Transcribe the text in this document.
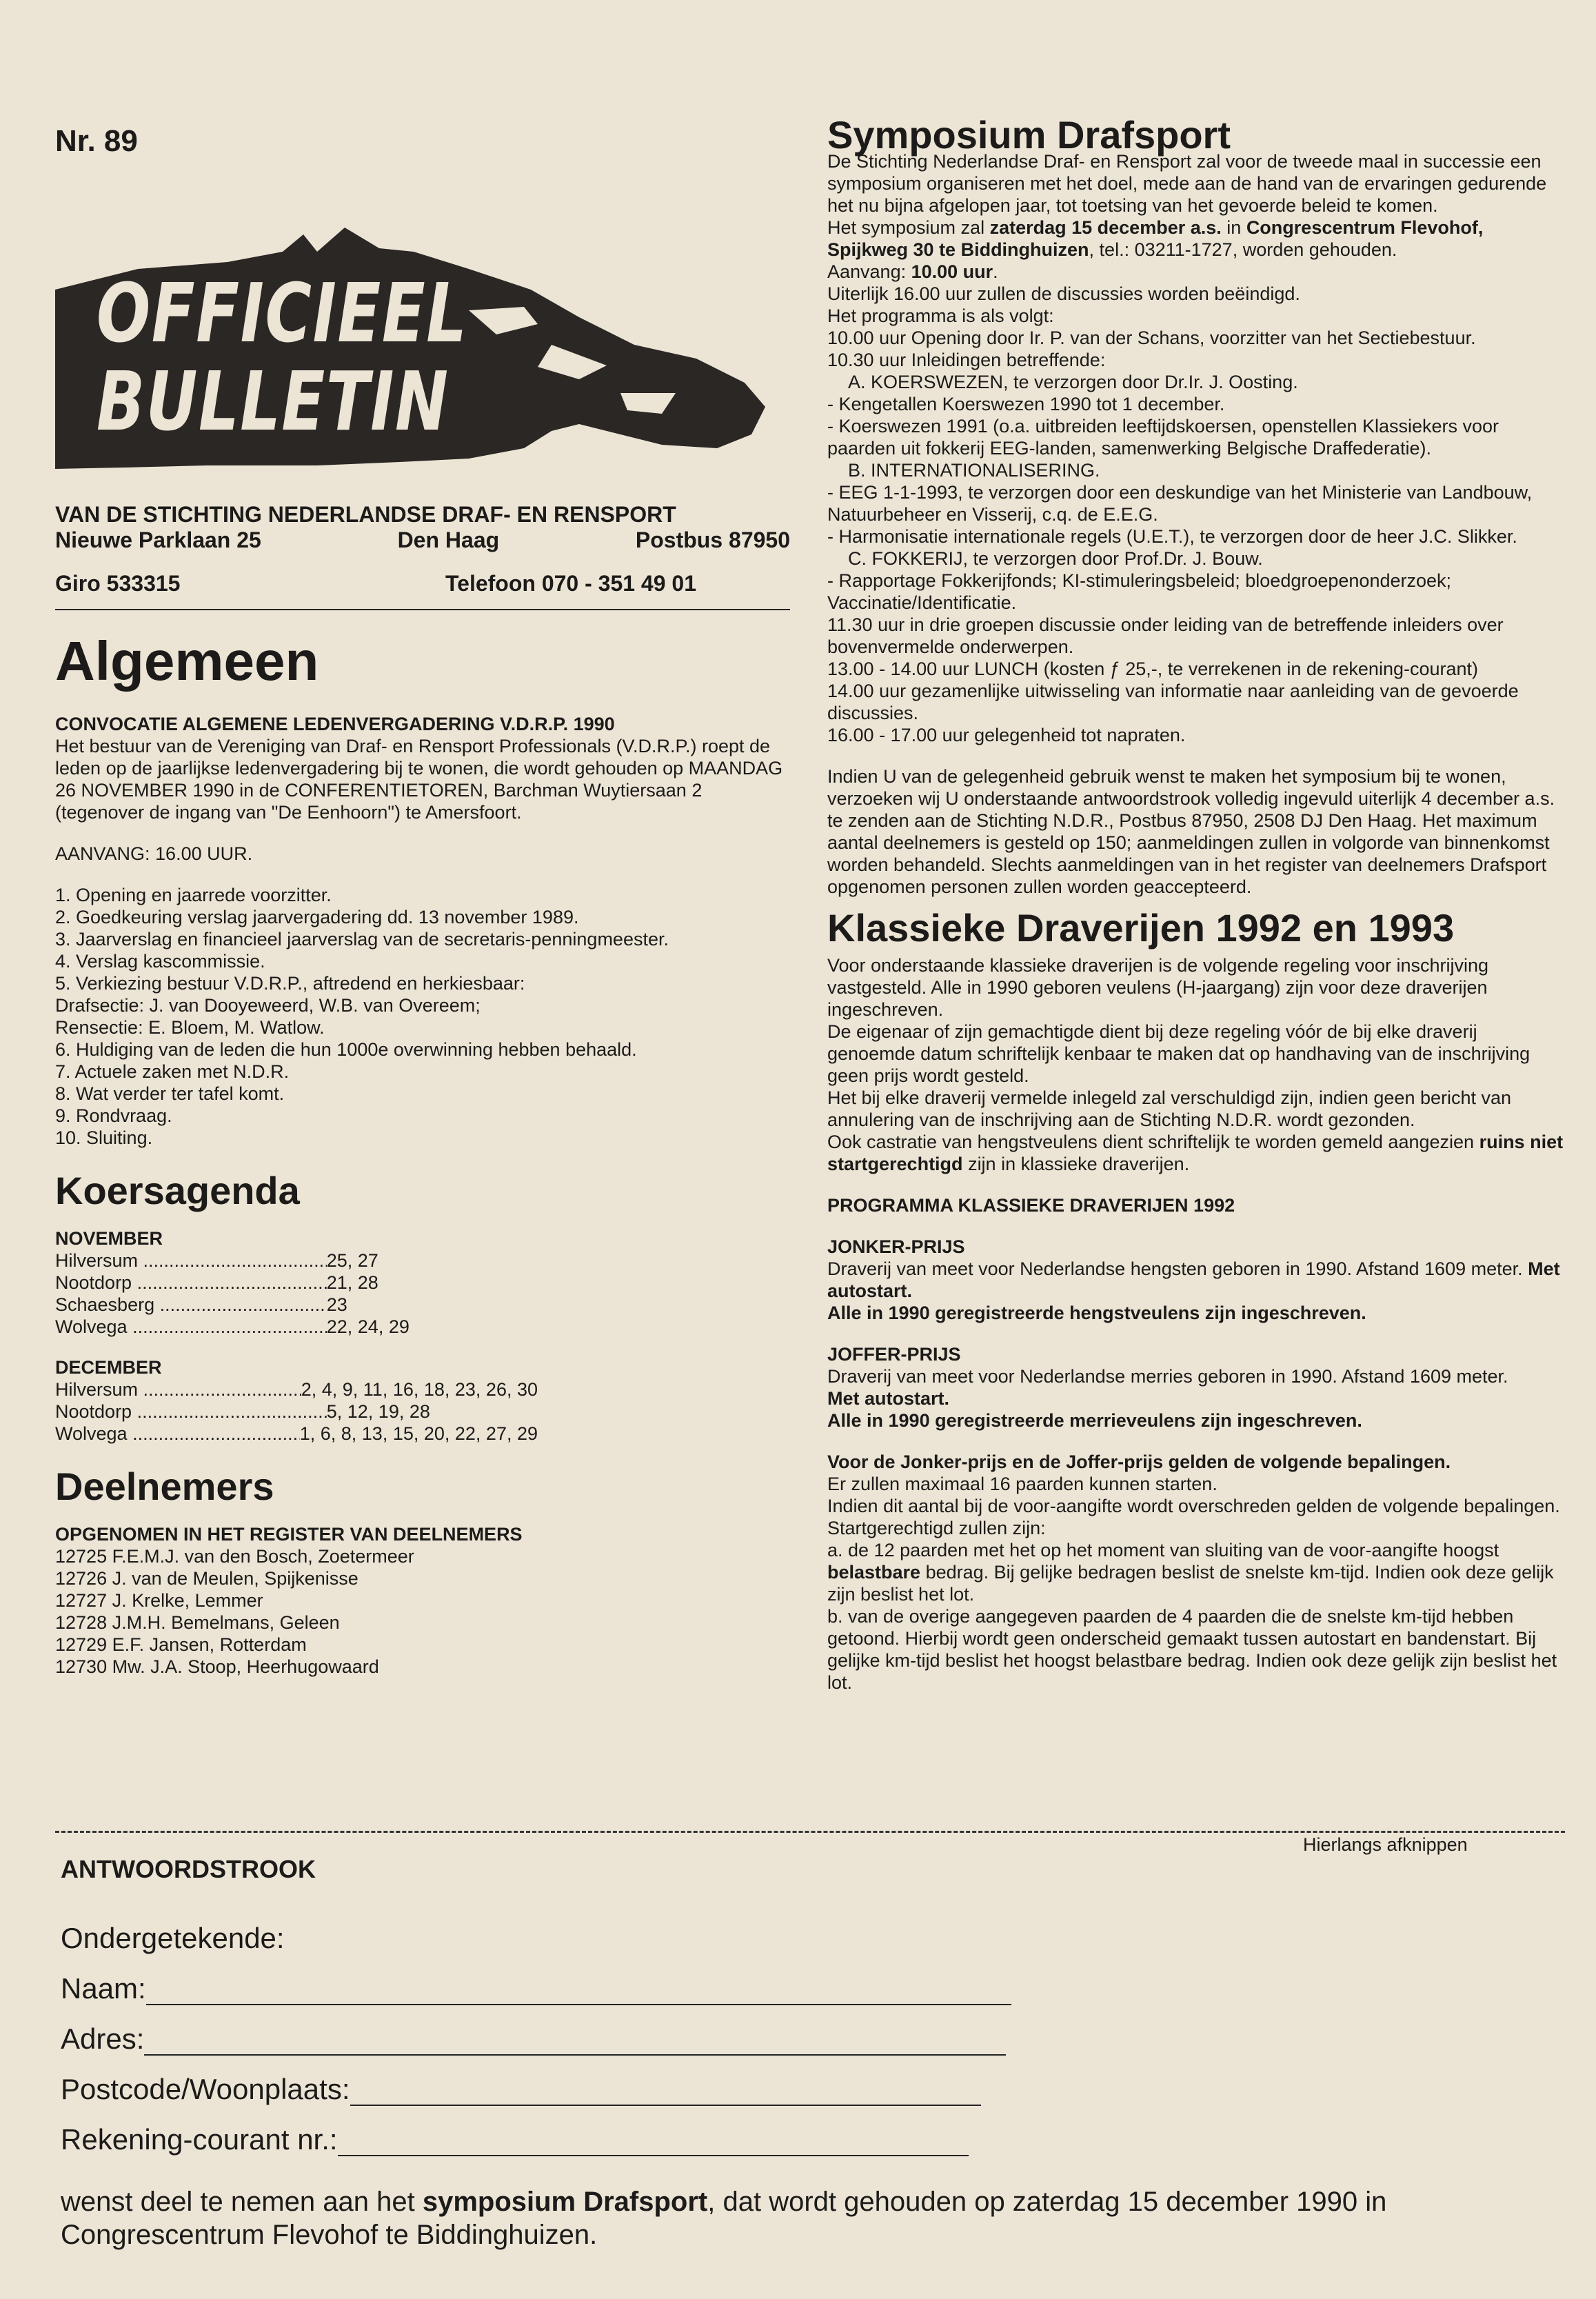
Nr. 89
OFFICIEEL
BULLETIN
VAN DE STICHTING NEDERLANDSE DRAF- EN RENSPORT
Nieuwe Parklaan 25	Den Haag	Postbus 87950
Giro 533315	Telefoon 070 - 351 49 01
Algemeen
CONVOCATIE ALGEMENE LEDENVERGADERING V.D.R.P. 1990

Het bestuur van de Vereniging van Draf- en Rensport Professionals (V.D.R.P.) roept de leden op de jaarlijkse ledenvergadering bij te wonen, die wordt gehouden op MAANDAG 26 NOVEMBER 1990 in de CONFERENTIETOREN, Barchman Wuytiersaan 2 (tegenover de ingang van "De Eenhoorn") te Amersfoort.

AANVANG: 16.00 UUR.

1. Opening en jaarrede voorzitter.
2. Goedkeuring verslag jaarvergadering dd. 13 november 1989.
3. Jaarverslag en financieel jaarverslag van de secretaris-penningmeester.
4. Verslag kascommissie.
5. Verkiezing bestuur V.D.R.P., aftredend en herkiesbaar:
Drafsectie: J. van Dooyeweerd, W.B. van Overeem;
Rensectie: E. Bloem, M. Watlow.
6. Huldiging van de leden die hun 1000e overwinning hebben behaald.
7. Actuele zaken met N.D.R.
8. Wat verder ter tafel komt.
9. Rondvraag.
10. Sluiting.
Koersagenda
NOVEMBER
Hilversum .....	25, 27
Nootdorp .....	21, 28
Schaesberg .....	23
Wolvega .....	22, 24, 29
DECEMBER
Hilversum .....	2, 4, 9, 11, 16, 18, 23, 26, 30
Nootdorp .....	5, 12, 19, 28
Wolvega .....	1, 6, 8, 13, 15, 20, 22, 27, 29
Deelnemers
OPGENOMEN IN HET REGISTER VAN DEELNEMERS
12725 F.E.M.J. van den Bosch, Zoetermeer
12726 J. van de Meulen, Spijkenisse
12727 J. Krelke, Lemmer
12728 J.M.H. Bemelmans, Geleen
12729 E.F. Jansen, Rotterdam
12730 Mw. J.A. Stoop, Heerhugowaard
Symposium Drafsport

De Stichting Nederlandse Draf- en Rensport zal voor de tweede maal in successie een symposium organiseren met het doel, mede aan de hand van de ervaringen gedurende het nu bijna afgelopen jaar, tot toetsing van het gevoerde beleid te komen.

Het symposium zal zaterdag 15 december a.s. in Congrescentrum Flevohof, Spijkweg 30 te Biddinghuizen, tel.: 03211-1727, worden gehouden.

Aanvang: 10.00 uur.

Uiterlijk 16.00 uur zullen de discussies worden beëindigd.

Het programma is als volgt:

10.00 uur Opening door Ir. P. van der Schans, voorzitter van het Sectiebestuur.

10.30 uur Inleidingen betreffende:

A. KOERSWEZEN, te verzorgen door Dr.Ir. J. Oosting.

- Kengetallen Koerswezen 1990 tot 1 december.

- Koerswezen 1991 (o.a. uitbreiden leeftijdskoersen, openstellen Klassiekers voor paarden uit fokkerij EEG-landen, samenwerking Belgische Draffederatie).

B. INTERNATIONALISERING.

- EEG 1-1-1993, te verzorgen door een deskundige van het Ministerie van Landbouw, Natuurbeheer en Visserij, c.q. de E.E.G.

- Harmonisatie internationale regels (U.E.T.), te verzorgen door de heer J.C. Slikker.

C. FOKKERIJ, te verzorgen door Prof.Dr. J. Bouw.

- Rapportage Fokkerijfonds; KI-stimuleringsbeleid; bloedgroepenonderzoek; Vaccinatie/Identificatie.

11.30 uur in drie groepen discussie onder leiding van de betreffende inleiders over bovenvermelde onderwerpen.

13.00 - 14.00 uur LUNCH (kosten ƒ 25,-, te verrekenen in de rekening-courant)

14.00 uur gezamenlijke uitwisseling van informatie naar aanleiding van de gevoerde discussies.

16.00 - 17.00 uur gelegenheid tot napraten.

Indien U van de gelegenheid gebruik wenst te maken het symposium bij te wonen, verzoeken wij U onderstaande antwoordstrook volledig ingevuld uiterlijk 4 december a.s. te zenden aan de Stichting N.D.R., Postbus 87950, 2508 DJ Den Haag. Het maximum aantal deelnemers is gesteld op 150; aanmeldingen zullen in volgorde van binnenkomst worden behandeld. Slechts aanmeldingen van in het register van deelnemers Drafsport opgenomen personen zullen worden geaccepteerd.

Klassieke Draverijen 1992 en 1993

Voor onderstaande klassieke draverijen is de volgende regeling voor inschrijving vastgesteld. Alle in 1990 geboren veulens (H-jaargang) zijn voor deze draverijen ingeschreven.

De eigenaar of zijn gemachtigde dient bij deze regeling vóór de bij elke draverij genoemde datum schriftelijk kenbaar te maken dat op handhaving van de inschrijving geen prijs wordt gesteld.

Het bij elke draverij vermelde inlegeld zal verschuldigd zijn, indien geen bericht van annulering van de inschrijving aan de Stichting N.D.R. wordt gezonden.

Ook castratie van hengstveulens dient schriftelijk te worden gemeld aangezien ruins niet startgerechtigd zijn in klassieke draverijen.

PROGRAMMA KLASSIEKE DRAVERIJEN 1992

JONKER-PRIJS

Draverij van meet voor Nederlandse hengsten geboren in 1990. Afstand 1609 meter. Met autostart.

Alle in 1990 geregistreerde hengstveulens zijn ingeschreven.

JOFFER-PRIJS

Draverij van meet voor Nederlandse merries geboren in 1990. Afstand 1609 meter.

Met autostart.

Alle in 1990 geregistreerde merrieveulens zijn ingeschreven.

Voor de Jonker-prijs en de Joffer-prijs gelden de volgende bepalingen.

Er zullen maximaal 16 paarden kunnen starten.

Indien dit aantal bij de voor-aangifte wordt overschreden gelden de volgende bepalingen.

Startgerechtigd zullen zijn:

a. de 12 paarden met het op het moment van sluiting van de voor-aangifte hoogst belastbare bedrag. Bij gelijke bedragen beslist de snelste km-tijd. Indien ook deze gelijk zijn beslist het lot.

b. van de overige aangegeven paarden de 4 paarden die de snelste km-tijd hebben getoond. Hierbij wordt geen onderscheid gemaakt tussen autostart en bandenstart. Bij gelijke km-tijd beslist het hoogst belastbare bedrag. Indien ook deze gelijk zijn beslist het lot.

Hierlangs afknippen
ANTWOORDSTROOK
Ondergetekende:
Naam:
Adres:
Postcode/Woonplaats:
Rekening-courant nr.:
wenst deel te nemen aan het symposium Drafsport, dat wordt gehouden op zaterdag 15 december 1990 in Congrescentrum Flevohof te Biddinghuizen.
